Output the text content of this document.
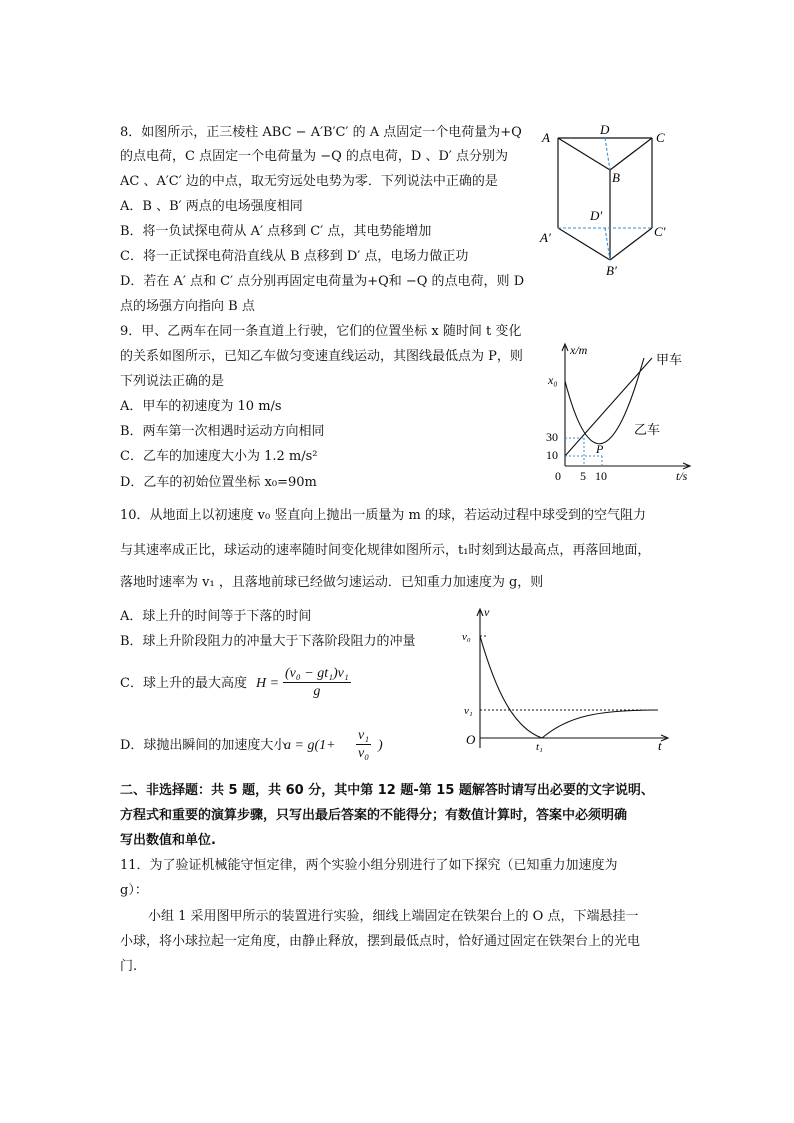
8．如图所示，正三棱柱 ABC − A′B′C′ 的 A 点固定一个电荷量为+Q
的点电荷，C 点固定一个电荷量为 −Q 的点电荷，D 、D′ 点分别为
AC 、A′C′ 边的中点，取无穷远处电势为零．下列说法中正确的是
A．B 、B′ 两点的电场强度相同
B．将一负试探电荷从 A′ 点移到 C′ 点，其电势能增加
C．将一正试探电荷沿直线从 B 点移到 D′ 点，电场力做正功
D．若在 A′ 点和 C′ 点分别再固定电荷量为+Q和 −Q 的点电荷，则 D
点的场强方向指向 B 点
A
D
C
B
D′
A′	C′
B′
9．甲、乙两车在同一条直道上行驶，它们的位置坐标 x 随时间 t 变化
的关系如图所示，已知乙车做匀变速直线运动，其图线最低点为 P，则
下列说法正确的是
A．甲车的初速度为 10 m/s
B．两车第一次相遇时运动方向相同
C．乙车的加速度大小为 1.2 m/s²
D．乙车的初始位置坐标 x₀=90m
x/m
x₀
30
10
0 5 10	t/s
甲车
乙车
P
10．从地面上以初速度 v₀ 竖直向上抛出一质量为 m 的球，若运动过程中球受到的空气阻力
与其速率成正比，球运动的速率随时间变化规律如图所示，t₁时刻到达最高点，再落回地面，
落地时速率为 v₁ ，且落地前球已经做匀速运动．已知重力加速度为 g，则
A．球上升的时间等于下落的时间
B．球上升阶段阻力的冲量大于下落阶段阻力的冲量
C．球上升的最大高度 $H = \frac{\text{(v₀ − gt₁)v₁}}{g}$
D．球抛出瞬间的加速度大小
$a = g(1+ \frac{\text{v₁}}{\text{v₀}}$ )
v
v₀
v₁
O	t₁	t
二、非选择题：共 5 题，共 60 分，其中第 12 题-第 15 题解答时请写出必要的文字说明、
方程式和重要的演算步骤，只写出最后答案的不能得分；有数值计算时，答案中必须明确
写出数值和单位.
11．为了验证机械能守恒定律，两个实验小组分别进行了如下探究（已知重力加速度为
g）：
小组 1 采用图甲所示的装置进行实验，细线上端固定在铁架台上的 O 点，下端悬挂一
小球，将小球拉起一定角度，由静止释放，摆到最低点时，恰好通过固定在铁架台上的光电
门.
